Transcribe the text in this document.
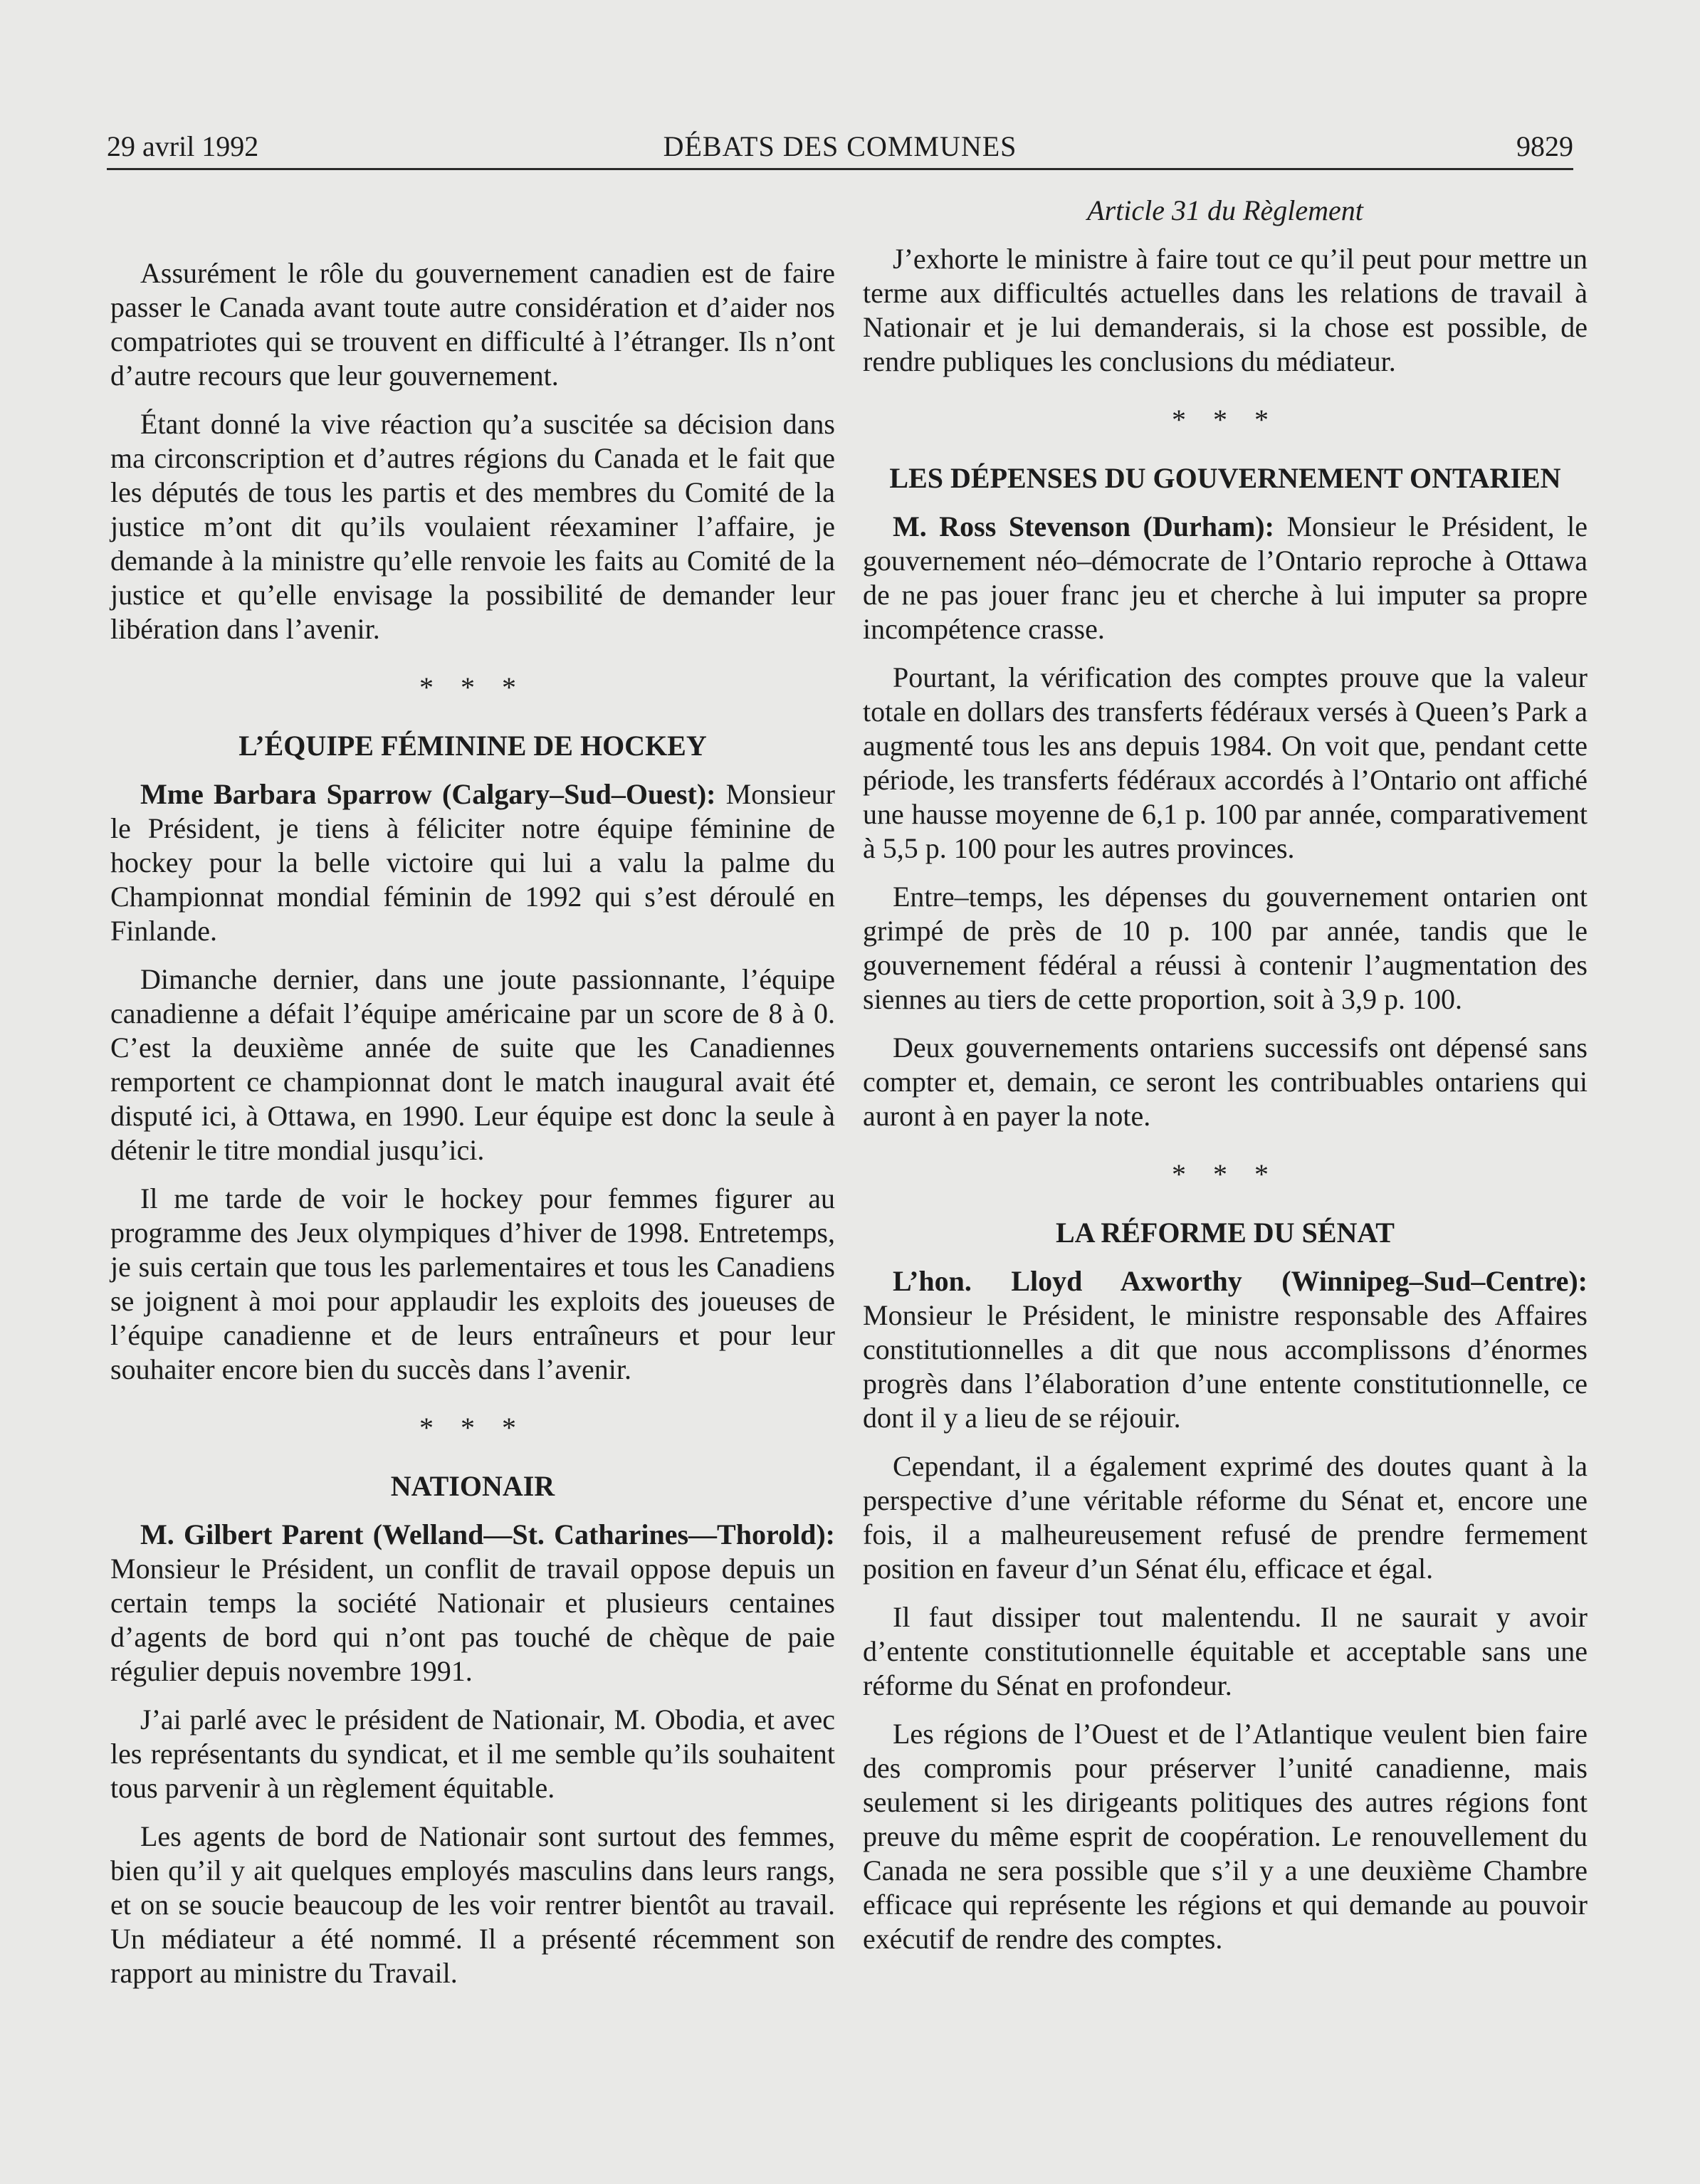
DÉBATS DES COMMUNES
29 avril 1992	9829

Assurément le rôle du gouvernement canadien est de faire passer le Canada avant toute autre considération et d’aider nos compatriotes qui se trouvent en difficulté à l’étranger. Ils n’ont d’autre recours que leur gouvernement.

Étant donné la vive réaction qu’a suscitée sa décision dans ma circonscription et d’autres régions du Canada et le fait que les députés de tous les partis et des membres du Comité de la justice m’ont dit qu’ils voulaient réexaminer l’affaire, je demande à la ministre qu’elle renvoie les faits au Comité de la justice et qu’elle envisage la possibilité de demander leur libération dans l’avenir.

* * *
L’ÉQUIPE FÉMININE DE HOCKEY

Mme Barbara Sparrow (Calgary–Sud–Ouest): Monsieur le Président, je tiens à féliciter notre équipe féminine de hockey pour la belle victoire qui lui a valu la palme du Championnat mondial féminin de 1992 qui s’est déroulé en Finlande.

Dimanche dernier, dans une joute passionnante, l’équipe canadienne a défait l’équipe américaine par un score de 8 à 0. C’est la deuxième année de suite que les Canadiennes remportent ce championnat dont le match inaugural avait été disputé ici, à Ottawa, en 1990. Leur équipe est donc la seule à détenir le titre mondial jusqu’ici.

Il me tarde de voir le hockey pour femmes figurer au programme des Jeux olympiques d’hiver de 1998. Entretemps, je suis certain que tous les parlementaires et tous les Canadiens se joignent à moi pour applaudir les exploits des joueuses de l’équipe canadienne et de leurs entraîneurs et pour leur souhaiter encore bien du succès dans l’avenir.

* * *
NATIONAIR

M. Gilbert Parent (Welland—St. Catharines—Thorold): Monsieur le Président, un conflit de travail oppose depuis un certain temps la société Nationair et plusieurs centaines d’agents de bord qui n’ont pas touché de chèque de paie régulier depuis novembre 1991.

J’ai parlé avec le président de Nationair, M. Obodia, et avec les représentants du syndicat, et il me semble qu’ils souhaitent tous parvenir à un règlement équitable.

Les agents de bord de Nationair sont surtout des femmes, bien qu’il y ait quelques employés masculins dans leurs rangs, et on se soucie beaucoup de les voir rentrer bientôt au travail. Un médiateur a été nommé. Il a présenté récemment son rapport au ministre du Travail.

Article 31 du Règlement

J’exhorte le ministre à faire tout ce qu’il peut pour mettre un terme aux difficultés actuelles dans les relations de travail à Nationair et je lui demanderais, si la chose est possible, de rendre publiques les conclusions du médiateur.

* * *
LES DÉPENSES DU GOUVERNEMENT ONTARIEN

M. Ross Stevenson (Durham): Monsieur le Président, le gouvernement néo–démocrate de l’Ontario reproche à Ottawa de ne pas jouer franc jeu et cherche à lui imputer sa propre incompétence crasse.

Pourtant, la vérification des comptes prouve que la valeur totale en dollars des transferts fédéraux versés à Queen’s Park a augmenté tous les ans depuis 1984. On voit que, pendant cette période, les transferts fédéraux accordés à l’Ontario ont affiché une hausse moyenne de 6,1 p. 100 par année, comparativement à 5,5 p. 100 pour les autres provinces.

Entre–temps, les dépenses du gouvernement ontarien ont grimpé de près de 10 p. 100 par année, tandis que le gouvernement fédéral a réussi à contenir l’augmentation des siennes au tiers de cette proportion, soit à 3,9 p. 100.

Deux gouvernements ontariens successifs ont dépensé sans compter et, demain, ce seront les contribuables ontariens qui auront à en payer la note.

* * *
LA RÉFORME DU SÉNAT

L’hon. Lloyd Axworthy (Winnipeg–Sud–Centre): Monsieur le Président, le ministre responsable des Affaires constitutionnelles a dit que nous accomplissons d’énormes progrès dans l’élaboration d’une entente constitutionnelle, ce dont il y a lieu de se réjouir.

Cependant, il a également exprimé des doutes quant à la perspective d’une véritable réforme du Sénat et, encore une fois, il a malheureusement refusé de prendre fermement position en faveur d’un Sénat élu, efficace et égal.

Il faut dissiper tout malentendu. Il ne saurait y avoir d’entente constitutionnelle équitable et acceptable sans une réforme du Sénat en profondeur.

Les régions de l’Ouest et de l’Atlantique veulent bien faire des compromis pour préserver l’unité canadienne, mais seulement si les dirigeants politiques des autres régions font preuve du même esprit de coopération. Le renouvellement du Canada ne sera possible que s’il y a une deuxième Chambre efficace qui représente les régions et qui demande au pouvoir exécutif de rendre des comptes.
